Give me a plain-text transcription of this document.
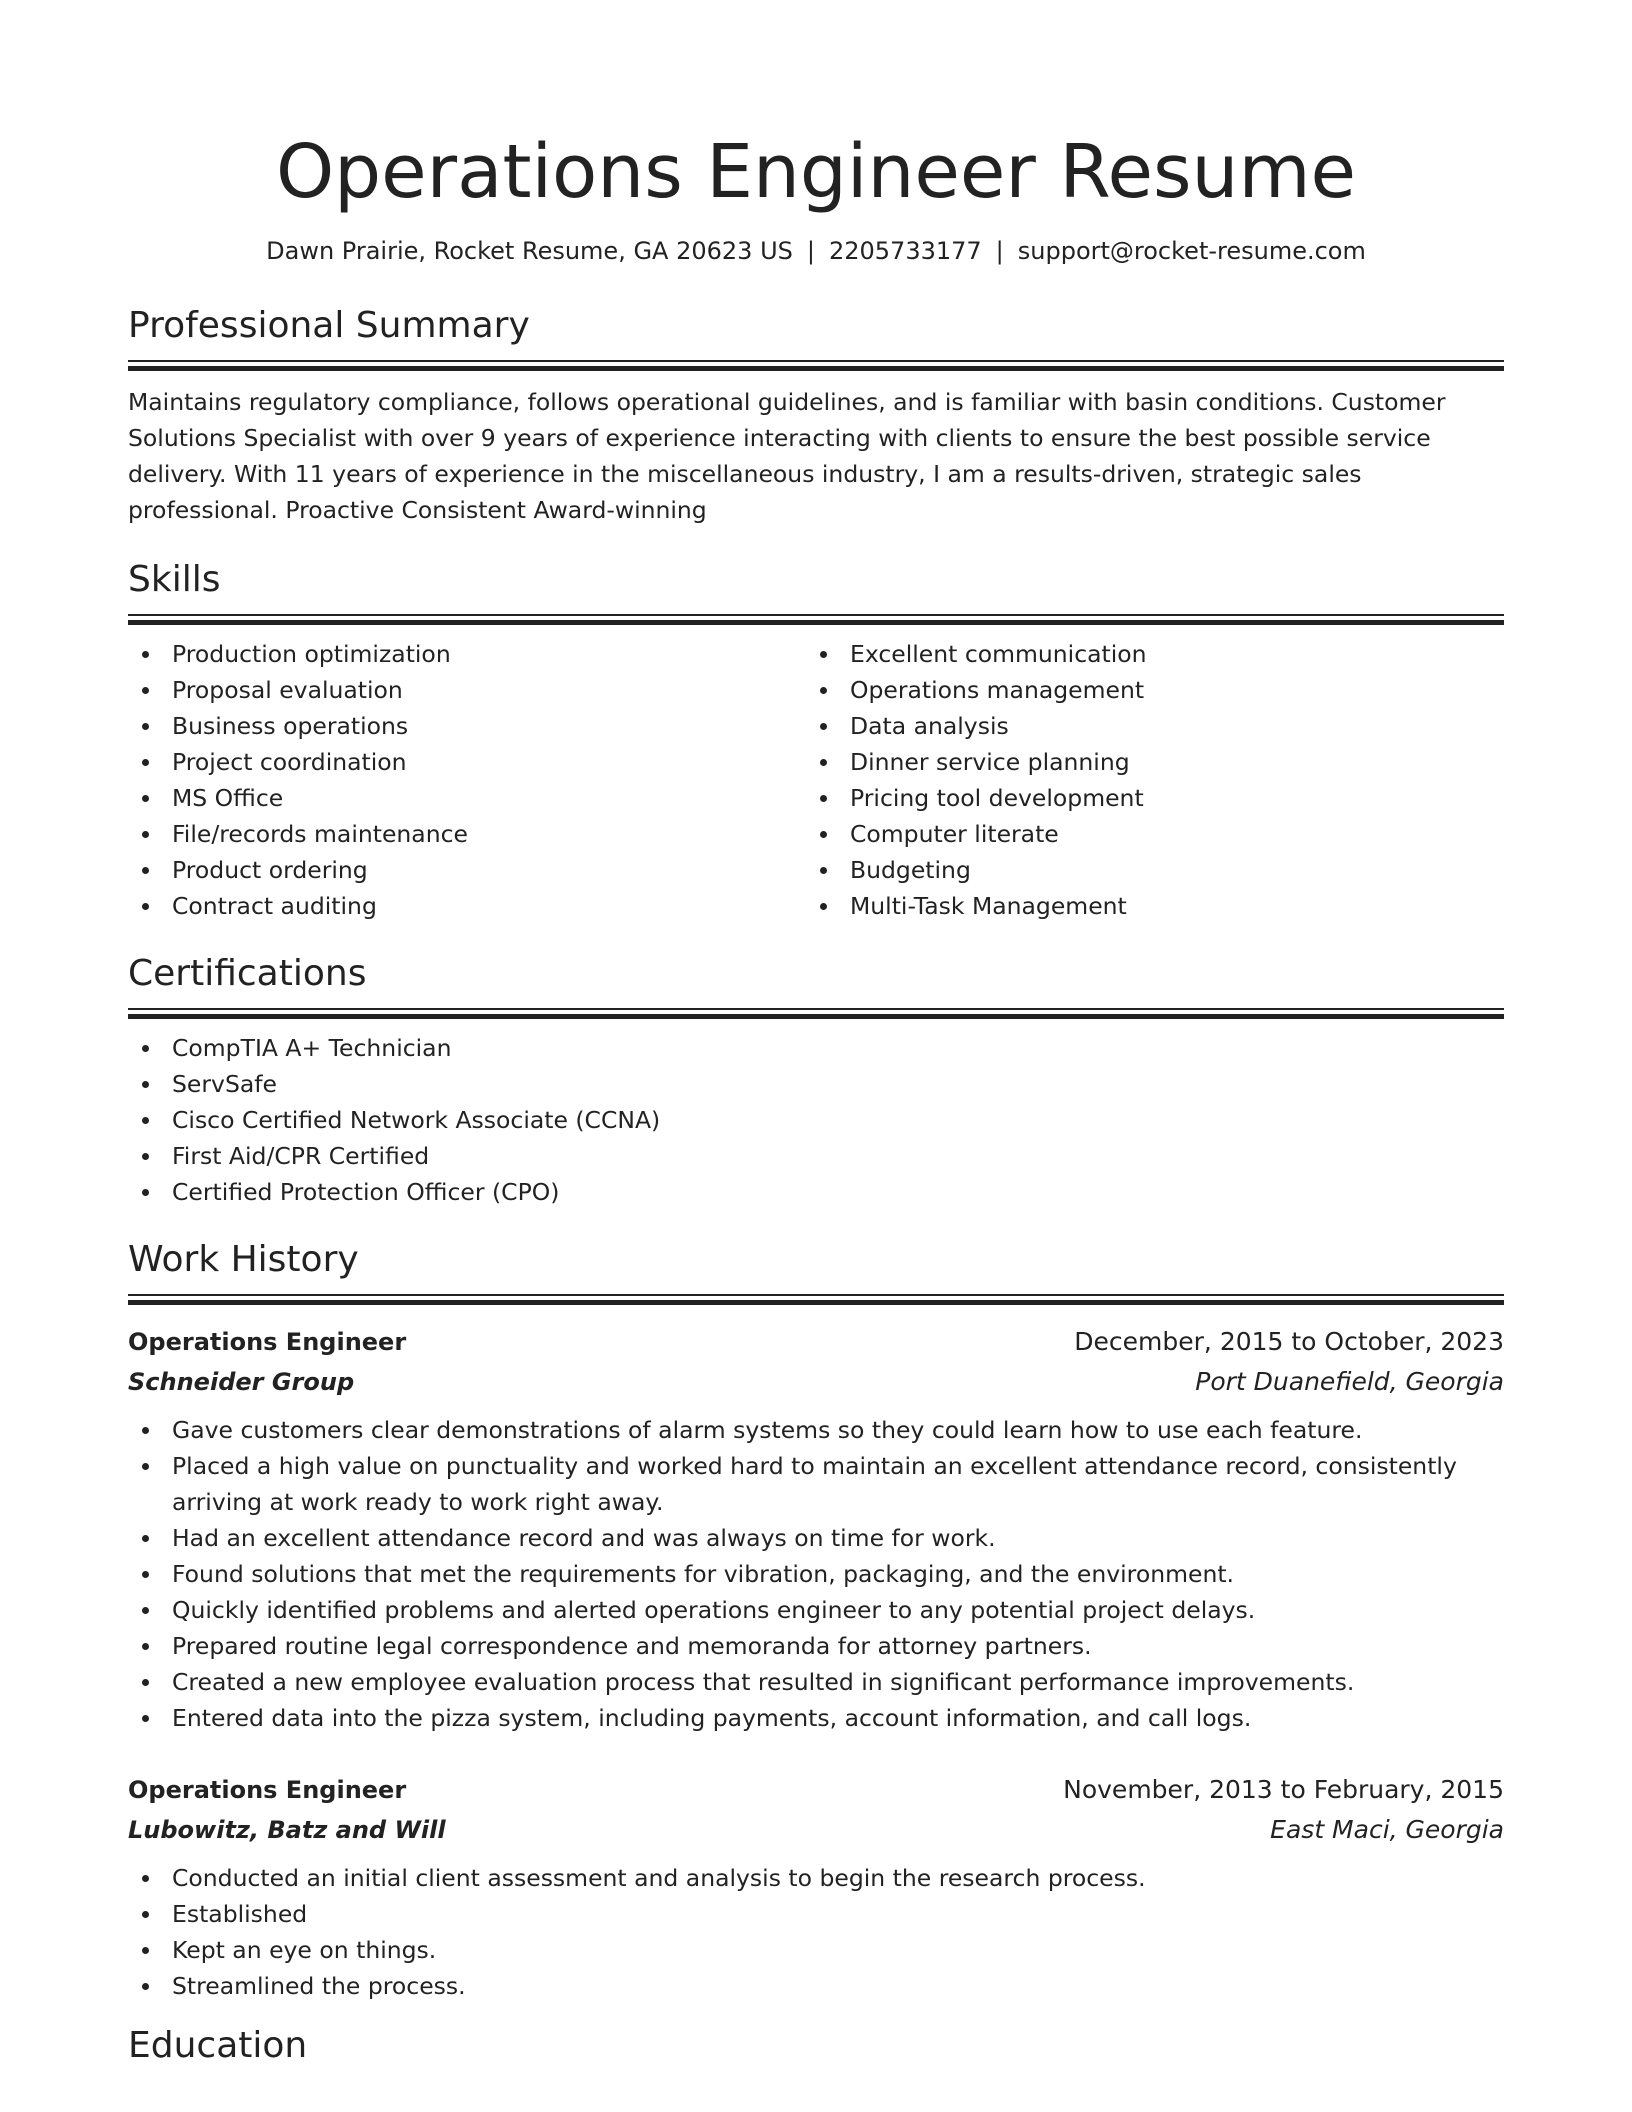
Operations Engineer Resume
Dawn Prairie, Rocket Resume, GA 20623 US | 2205733177 | support@rocket-resume.com
Professional Summary
Maintains regulatory compliance, follows operational guidelines, and is familiar with basin conditions. Customer Solutions Specialist with over 9 years of experience interacting with clients to ensure the best possible service delivery. With 11 years of experience in the miscellaneous industry, I am a results-driven, strategic sales professional. Proactive Consistent Award-winning
Skills
Production optimization
Proposal evaluation
Business operations
Project coordination
MS Office
File/records maintenance
Product ordering
Contract auditing
Excellent communication
Operations management
Data analysis
Dinner service planning
Pricing tool development
Computer literate
Budgeting
Multi-Task Management
Certifications
CompTIA A+ Technician
ServSafe
Cisco Certified Network Associate (CCNA)
First Aid/CPR Certified
Certified Protection Officer (CPO)
Work History
Operations Engineer	December, 2015 to October, 2023
Schneider Group	Port Duanefield, Georgia
Gave customers clear demonstrations of alarm systems so they could learn how to use each feature.
Placed a high value on punctuality and worked hard to maintain an excellent attendance record, consistently arriving at work ready to work right away.
Had an excellent attendance record and was always on time for work.
Found solutions that met the requirements for vibration, packaging, and the environment.
Quickly identified problems and alerted operations engineer to any potential project delays.
Prepared routine legal correspondence and memoranda for attorney partners.
Created a new employee evaluation process that resulted in significant performance improvements.
Entered data into the pizza system, including payments, account information, and call logs.
Operations Engineer	November, 2013 to February, 2015
Lubowitz, Batz and Will	East Maci, Georgia
Conducted an initial client assessment and analysis to begin the research process.
Established
Kept an eye on things.
Streamlined the process.
Education
